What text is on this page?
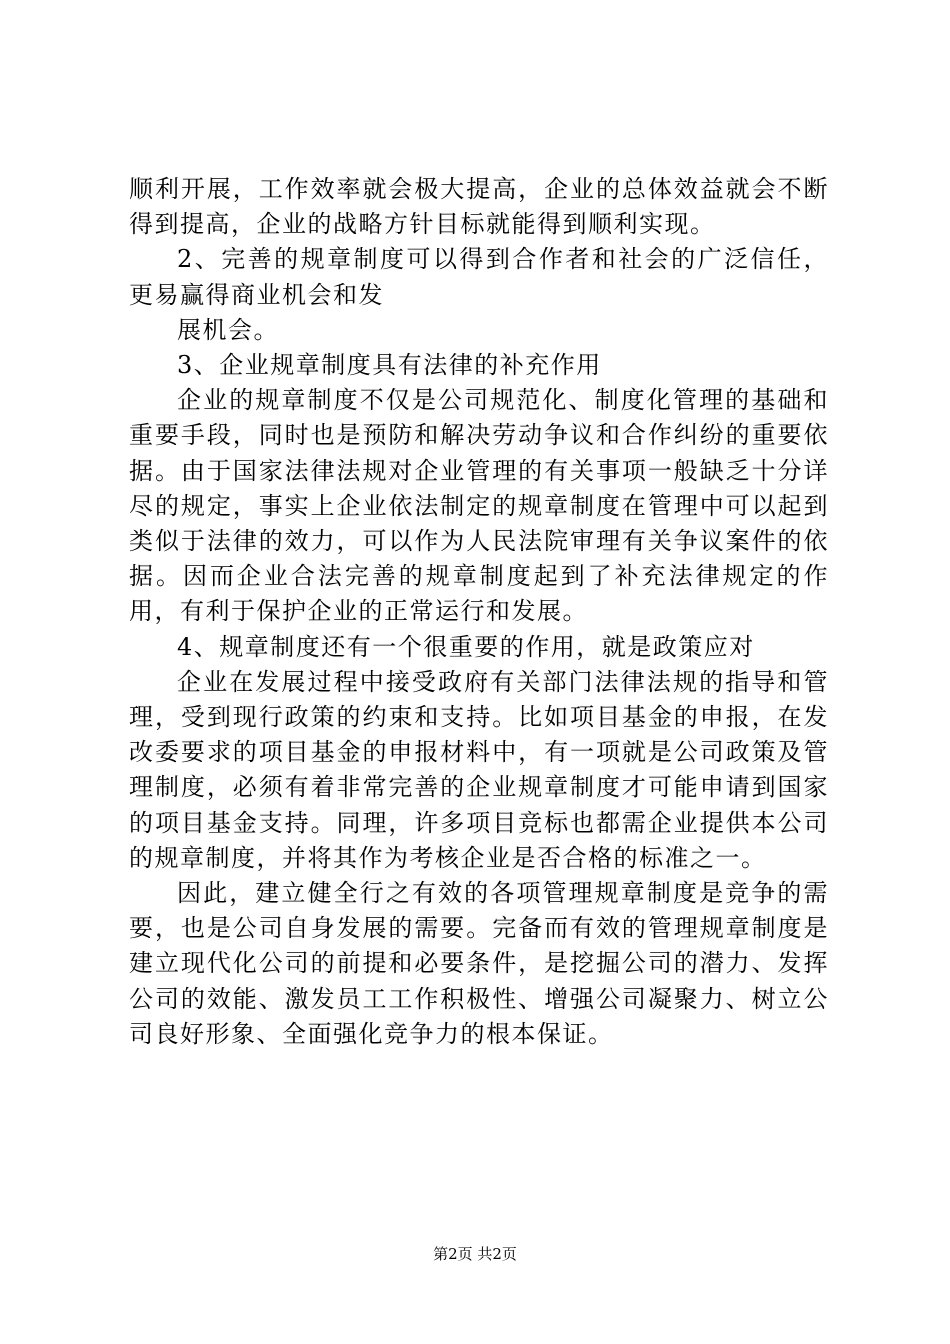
顺利开展，工作效率就会极大提高，企业的总体效益就会不断得到提高，企业的战略方针目标就能得到顺利实现。

2、完善的规章制度可以得到合作者和社会的广泛信任，更易赢得商业机会和发

展机会。

3、企业规章制度具有法律的补充作用

企业的规章制度不仅是公司规范化、制度化管理的基础和重要手段，同时也是预防和解决劳动争议和合作纠纷的重要依据。由于国家法律法规对企业管理的有关事项一般缺乏十分详尽的规定，事实上企业依法制定的规章制度在管理中可以起到类似于法律的效力，可以作为人民法院审理有关争议案件的依据。因而企业合法完善的规章制度起到了补充法律规定的作用，有利于保护企业的正常运行和发展。

4、规章制度还有一个很重要的作用，就是政策应对

企业在发展过程中接受政府有关部门法律法规的指导和管理，受到现行政策的约束和支持。比如项目基金的申报，在发改委要求的项目基金的申报材料中，有一项就是公司政策及管理制度，必须有着非常完善的企业规章制度才可能申请到国家的项目基金支持。同理，许多项目竞标也都需企业提供本公司的规章制度，并将其作为考核企业是否合格的标准之一。

因此，建立健全行之有效的各项管理规章制度是竞争的需要，也是公司自身发展的需要。完备而有效的管理规章制度是建立现代化公司的前提和必要条件，是挖掘公司的潜力、发挥公司的效能、激发员工工作积极性、增强公司凝聚力、树立公司良好形象、全面强化竞争力的根本保证。

第2页 共2页
